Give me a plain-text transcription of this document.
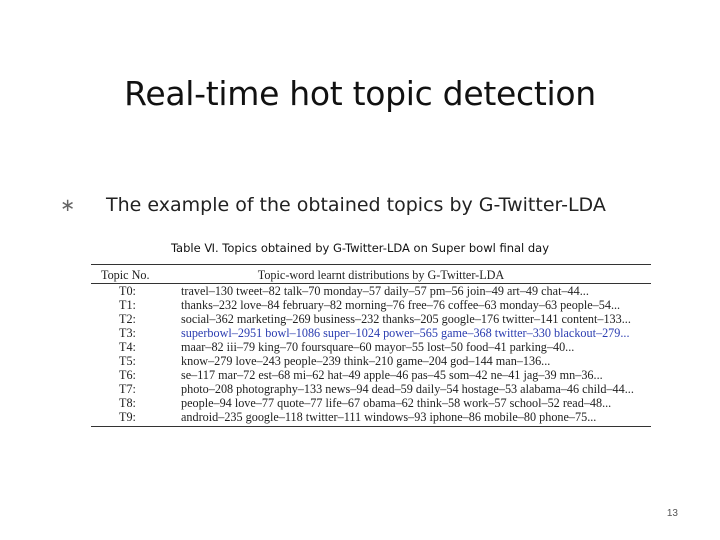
Real-time hot topic detection
∗ The example of the obtained topics by G-Twitter-LDA
Table Ⅵ. Topics obtained by G-Twitter-LDA on Super bowl final day
Topic No.	Topic-word learnt distributions by G-Twitter-LDA
T0:	travel–130 tweet–82 talk–70 monday–57 daily–57 pm–56 join–49 art–49 chat–44...
T1:	thanks–232 love–84 february–82 morning–76 free–76 coffee–63 monday–63 people–54...
T2:	social–362 marketing–269 business–232 thanks–205 google–176 twitter–141 content–133...
T3:	superbowl–2951 bowl–1086 super–1024 power–565 game–368 twitter–330 blackout–279...
T4:	maar–82 iii–79 king–70 foursquare–60 mayor–55 lost–50 food–41 parking–40...
T5:	know–279 love–243 people–239 think–210 game–204 god–144 man–136...
T6:	se–117 mar–72 est–68 mi–62 hat–49 apple–46 pas–45 som–42 ne–41 jag–39 mn–36...
T7:	photo–208 photography–133 news–94 dead–59 daily–54 hostage–53 alabama–46 child–44...
T8:	people–94 love–77 quote–77 life–67 obama–62 think–58 work–57 school–52 read–48...
T9:	android–235 google–118 twitter–111 windows–93 iphone–86 mobile–80 phone–75...
13
